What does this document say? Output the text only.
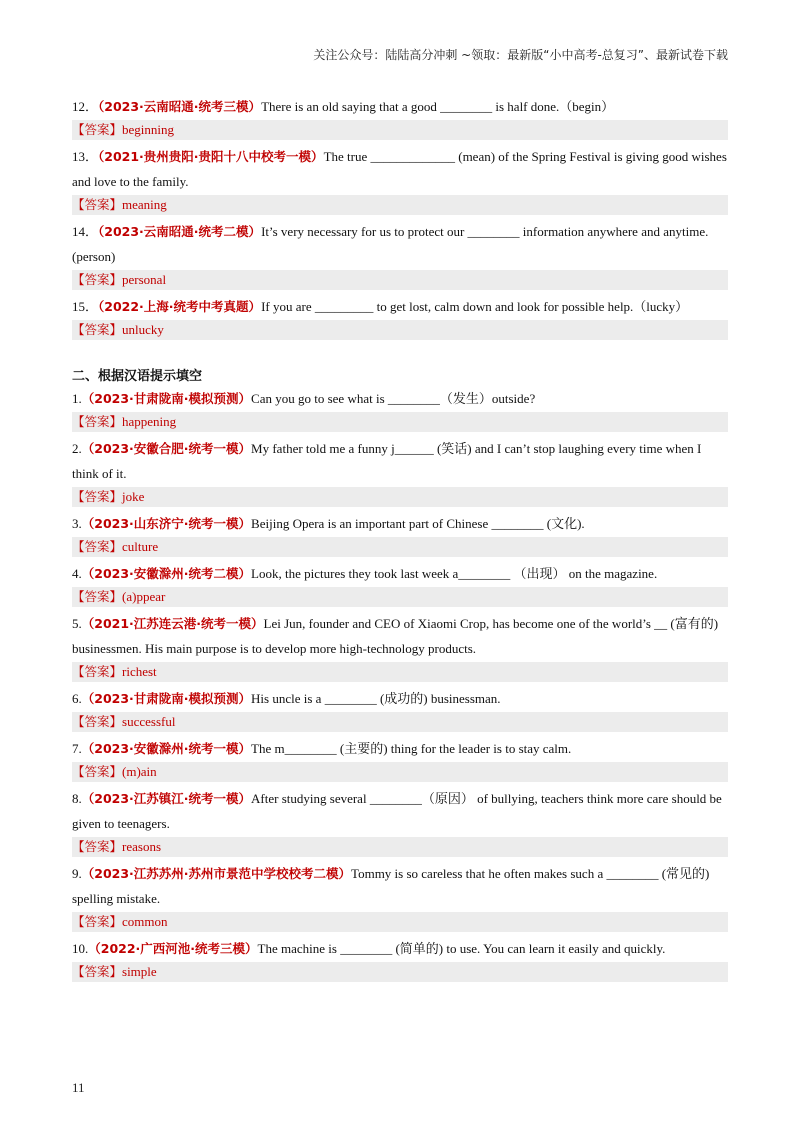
关注公众号：陆陆高分冲刺 ~领取：最新版“小中高考-总复习”、最新试卷下载

12．（2023·云南昭通·统考三模）There is an old saying that a good ________ is half done.（begin）

【答案】beginning

13．（2021·贵州贵阳·贵阳十八中校考一模）The true _____________ (mean) of the Spring Festival is giving good wishes and love to the family.

【答案】meaning

14．（2023·云南昭通·统考二模）It’s very necessary for us to protect our ________ information anywhere and anytime. (person)

【答案】personal

15．（2022·上海·统考中考真题）If you are _________ to get lost, calm down and look for possible help.（lucky）

【答案】unlucky
二、根据汉语提示填空

1.（2023·甘肃陇南·模拟预测）Can you go to see what is ________（发生）outside?

【答案】happening

2.（2023·安徽合肥·统考一模）My father told me a funny j______ (笑话) and I can’t stop laughing every time when I think of it.

【答案】joke

3.（2023·山东济宁·统考一模）Beijing Opera is an important part of Chinese ________ (文化).

【答案】culture

4.（2023·安徽滁州·统考二模）Look, the pictures they took last week a________ （出现） on the magazine.

【答案】(a)ppear

5.（2021·江苏连云港·统考一模）Lei Jun, founder and CEO of Xiaomi Crop, has become one of the world’s __ (富有的) businessmen. His main purpose is to develop more high-technology products.

【答案】richest

6.（2023·甘肃陇南·模拟预测）His uncle is a ________ (成功的) businessman.

【答案】successful

7.（2023·安徽滁州·统考一模）The m________ (主要的) thing for the leader is to stay calm.

【答案】(m)ain

8.（2023·江苏镇江·统考一模）After studying several ________（原因） of bullying, teachers think more care should be given to teenagers.

【答案】reasons

9.（2023·江苏苏州·苏州市景范中学校校考二模）Tommy is so careless that he often makes such a ________ (常见的) spelling mistake.

【答案】common

10.（2022·广西河池·统考三模）The machine is ________ (简单的) to use. You can learn it easily and quickly.

【答案】simple
11
